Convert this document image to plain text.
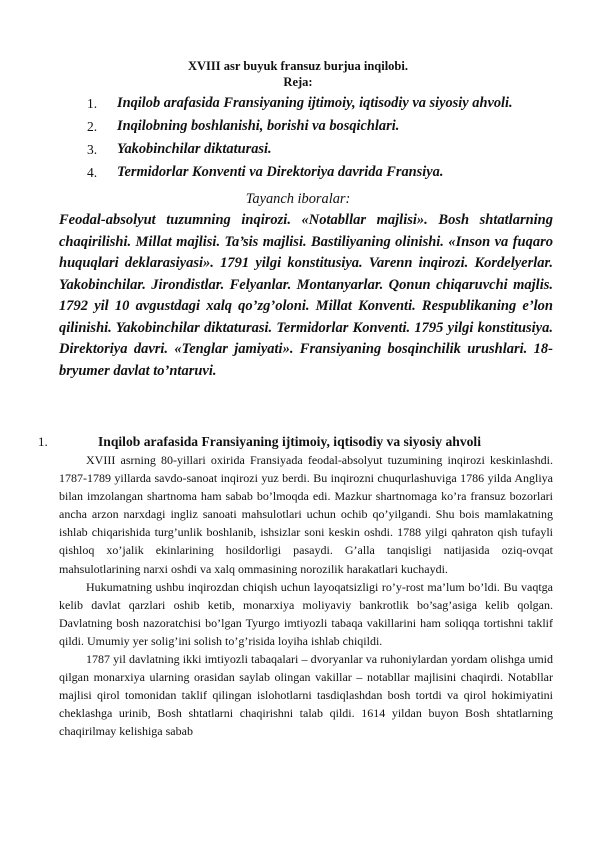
XVIII asr buyuk fransuz burjua inqilobi.
Reja:
1. Inqilob arafasida Fransiyaning ijtimoiy, iqtisodiy va siyosiy ahvoli.
2. Inqilobning boshlanishi, borishi va bosqichlari.
3. Yakobinchilar diktaturasi.
4. Termidorlar Konventi va Direktoriya davrida Fransiya.
Tayanch iboralar:

Feodal-absolyut tuzumning inqirozi. «Notabllar majlisi». Bosh shtatlarning chaqirilishi. Millat majlisi. Ta’sis majlisi. Bastiliyaning olinishi. «Inson va fuqaro huquqlari deklarasiyasi». 1791 yilgi konstitusiya. Varenn inqirozi. Kordelyerlar. Yakobinchilar. Jirondistlar. Felyanlar. Montanyarlar. Qonun chiqaruvchi majlis. 1792 yil 10 avgustdagi xalq qo’zg’oloni. Millat Konventi. Respublikaning e’lon qilinishi. Yakobinchilar diktaturasi. Termidorlar Konventi. 1795 yilgi konstitusiya. Direktoriya davri. «Tenglar jamiyati». Fransiyaning bosqinchilik urushlari. 18-bryumer davlat to’ntaruvi.

1.	Inqilob arafasida Fransiyaning ijtimoiy, iqtisodiy va siyosiy ahvoli

XVIII asrning 80-yillari oxirida Fransiyada feodal-absolyut tuzumining inqirozi keskinlashdi. 1787-1789 yillarda savdo-sanoat inqirozi yuz berdi. Bu inqirozni chuqurlashuviga 1786 yilda Angliya bilan imzolangan shartnoma ham sabab bo’lmoqda edi. Mazkur shartnomaga ko’ra fransuz bozorlari ancha arzon narxdagi ingliz sanoati mahsulotlari uchun ochib qo’yilgandi. Shu bois mamlakatning ishlab chiqarishida turg’unlik boshlanib, ishsizlar soni keskin oshdi. 1788 yilgi qahraton qish tufayli qishloq xo’jalik ekinlarining hosildorligi pasaydi. G’alla tanqisligi natijasida oziq-ovqat mahsulotlarining narxi oshdi va xalq ommasining norozilik harakatlari kuchaydi.

Hukumatning ushbu inqirozdan chiqish uchun layoqatsizligi ro’y-rost ma’lum bo’ldi. Bu vaqtga kelib davlat qarzlari oshib ketib, monarxiya moliyaviy bankrotlik bo’sag’asiga kelib qolgan. Davlatning bosh nazoratchisi bo’lgan Tyurgo imtiyozli tabaqa vakillarini ham soliqqa tortishni taklif qildi. Umumiy yer solig’ini solish to’g’risida loyiha ishlab chiqildi.

1787 yil davlatning ikki imtiyozli tabaqalari – dvoryanlar va ruhoniylardan yordam olishga umid qilgan monarxiya ularning orasidan saylab olingan vakillar – notabllar majlisini chaqirdi. Notabllar majlisi qirol tomonidan taklif qilingan islohotlarni tasdiqlashdan bosh tortdi va qirol hokimiyatini cheklashga urinib, Bosh shtatlarni chaqirishni talab qildi. 1614 yildan buyon Bosh shtatlarning chaqirilmay kelishiga sabab
